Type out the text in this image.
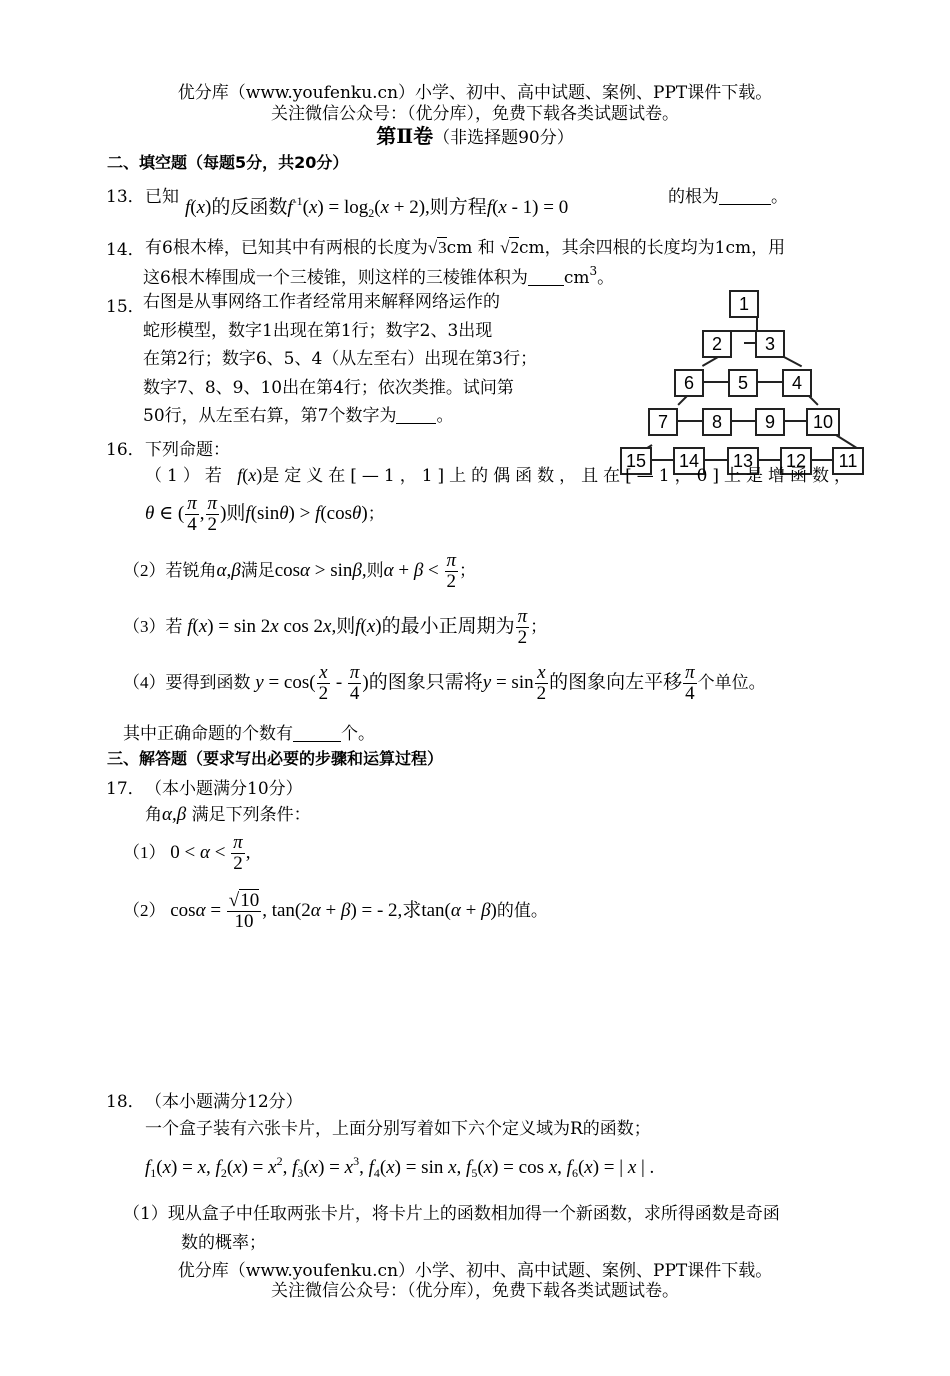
优分库（www.youfenku.cn）小学、初中、高中试题、案例、PPT课件下载。
关注微信公众号：（优分库），免费下载各类试题试卷。
第Ⅱ卷（非选择题90分）
二、填空题（每题5分，共20分）
13． 已知 f(x)的反函数$f^{-1}(x) = \log_2(x + 2)$,则方程f(x - 1) = 0	的根为	。
14． 有6根木棒，已知其中有两根的长度为√3cm 和 √2cm，其余四根的长度均为1cm，用
这6根木棒围成一个三棱锥，则这样的三棱锥体积为 $cm^3$。
15．
右图是从事网络工作者经常用来解释网络运作的
蛇形模型，数字1出现在第1行；数字2、3出现
在第2行；数字6、5、4（从左至右）出现在第3行；
数字7、8、9、10出在第4行；依次类推。试问第
50行，从左至右算，第7个数字为 。
1
2	3
6	5	4
7	8	9	10
15	14	13	12	11
16． 下列命题：
（1）若 f(x)是定义在[—1，1]上的偶函数，且在[—1，0]上是增函数，
θ ∈ ( $\frac{\pi}{4}$ , $\frac{\pi}{2}$ )则f(sinθ) > f(cosθ)；
（2）若锐角α,β满足cosα > sinβ,则$\alpha + \beta < \frac{\pi}{2}$ ；
（3）若 f(x) = sin 2x cos 2x,则f(x)的最小正周期为 $\frac{\pi}{2}$ ；
（4）要得到函数 $y = \cos( \frac{x}{2} - \frac{\pi}{4}$ )的图象只需将$y = \sin \frac{x}{2}$ 的图象向左平移 $\frac{\pi}{4}$ 个单位。
其中正确命题的个数有	个。
三、解答题（要求写出必要的步骤和运算过程）
17． （本小题满分10分）
角α,β 满足下列条件：
（1） $0 < \alpha < \frac{\pi}{2}$ ,
（2） $\cos\alpha = \frac{√10}{10}$ , tan(2α + β) = - 2,求tan(α + β)的值。
18． （本小题满分12分）
一个盒子装有六张卡片，上面分别写着如下六个定义域为R的函数；
$f_1(x) = x$, $f_2(x) = x^2$, $f_3(x) = x^3$, $f_4(x) = \sin x$, $f_5(x) = \cos x$, $f_6(x)$ = | x | .
（1）现从盒子中任取两张卡片，将卡片上的函数相加得一个新函数，求所得函数是奇函
数的概率；
优分库（www.youfenku.cn）小学、初中、高中试题、案例、PPT课件下载。
关注微信公众号：（优分库），免费下载各类试题试卷。
